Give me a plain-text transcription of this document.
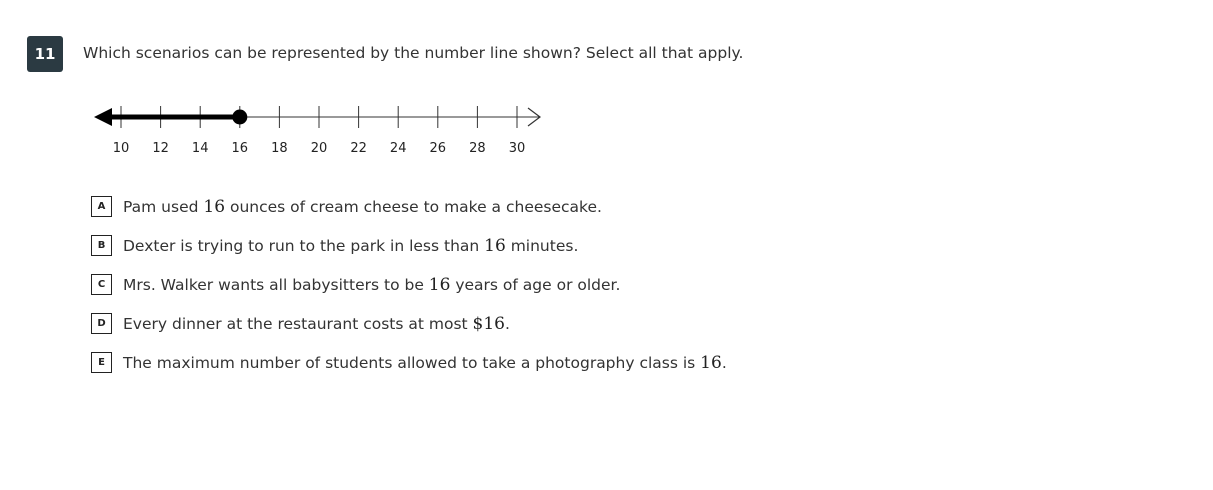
11	Which scenarios can be represented by the number line shown? Select all that apply.
10 12 14 16 18 20 22 24 26 28 30
A	Pam used 16 ounces of cream cheese to make a cheesecake.
B	Dexter is trying to run to the park in less than 16 minutes.
C	Mrs. Walker wants all babysitters to be 16 years of age or older.
D	Every dinner at the restaurant costs at most $16.
E	The maximum number of students allowed to take a photography class is 16.
